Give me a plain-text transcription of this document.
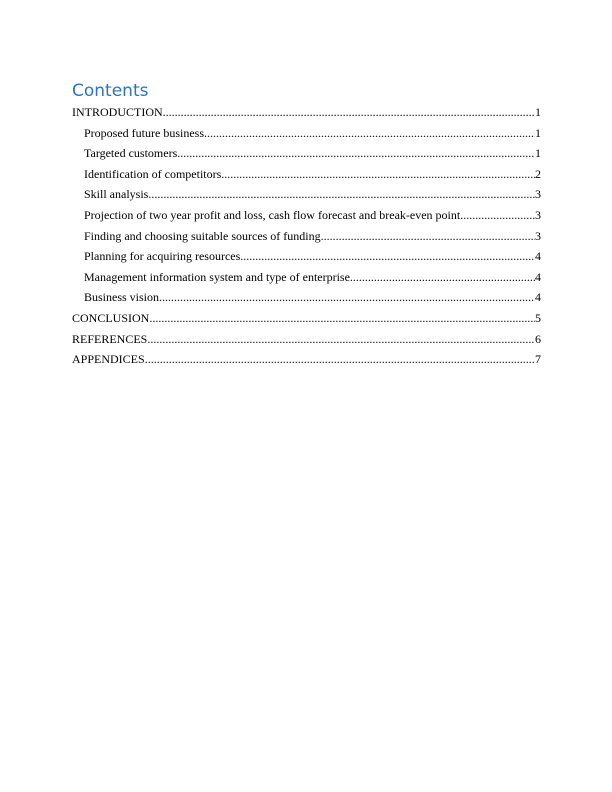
Contents
INTRODUCTION .....	1
Proposed future business .....	1
Targeted customers .....	1
Identification of competitors .....	2
Skill analysis .....	3
Projection of two year profit and loss, cash flow forecast and break-even point .....	3
Finding and choosing suitable sources of funding .....	3
Planning for acquiring resources .....	4
Management information system and type of enterprise .....	4
Business vision .....	4
CONCLUSION .....	5
REFERENCES .....	6
APPENDICES .....	7
